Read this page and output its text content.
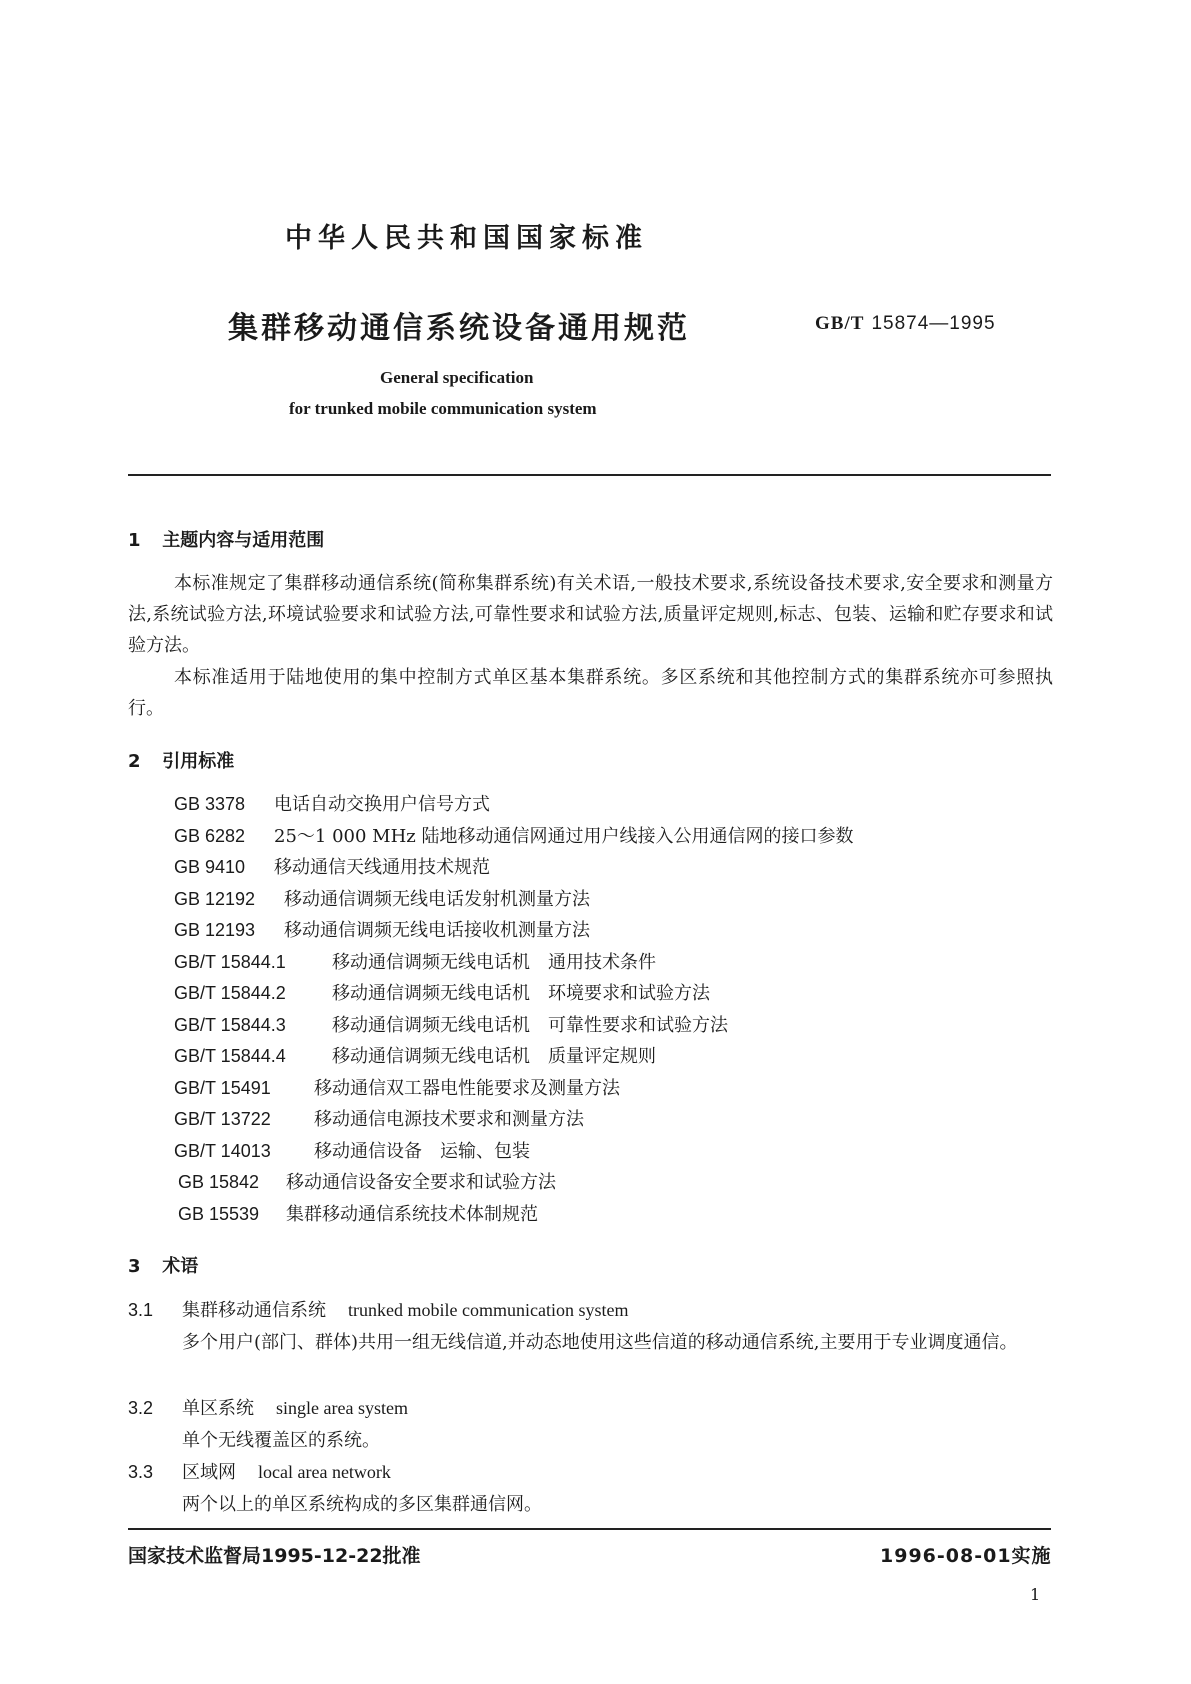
中华人民共和国国家标准
集群移动通信系统设备通用规范	GB/T 15874—1995
General specification
for trunked mobile communication system
1 主题内容与适用范围
本标准规定了集群移动通信系统(简称集群系统)有关术语,一般技术要求,系统设备技术要求,安全要求和测量方法,系统试验方法,环境试验要求和试验方法,可靠性要求和试验方法,质量评定规则,标志、包装、运输和贮存要求和试验方法。
本标准适用于陆地使用的集中控制方式单区基本集群系统。多区系统和其他控制方式的集群系统亦可参照执行。
2 引用标准
GB 3378 电话自动交换用户信号方式
GB 6282 25～1 000 MHz 陆地移动通信网通过用户线接入公用通信网的接口参数
GB 9410 移动通信天线通用技术规范
GB 12192 移动通信调频无线电话发射机测量方法
GB 12193 移动通信调频无线电话接收机测量方法
GB/T 15844.1	移动通信调频无线电话机　通用技术条件
GB/T 15844.2	移动通信调频无线电话机　环境要求和试验方法
GB/T 15844.3	移动通信调频无线电话机　可靠性要求和试验方法
GB/T 15844.4	移动通信调频无线电话机　质量评定规则
GB/T 15491 移动通信双工器电性能要求及测量方法
GB/T 13722 移动通信电源技术要求和测量方法
GB/T 14013 移动通信设备　运输、包装
GB 15842 移动通信设备安全要求和试验方法
GB 15539 集群移动通信系统技术体制规范
3 术语
3.1 集群移动通信系统 trunked mobile communication system
多个用户(部门、群体)共用一组无线信道,并动态地使用这些信道的移动通信系统,主要用于专业调度通信。
3.2 单区系统 single area system
单个无线覆盖区的系统。
3.3 区域网 local area network
两个以上的单区系统构成的多区集群通信网。
国家技术监督局1995-12-22批准	1996-08-01实施
1
